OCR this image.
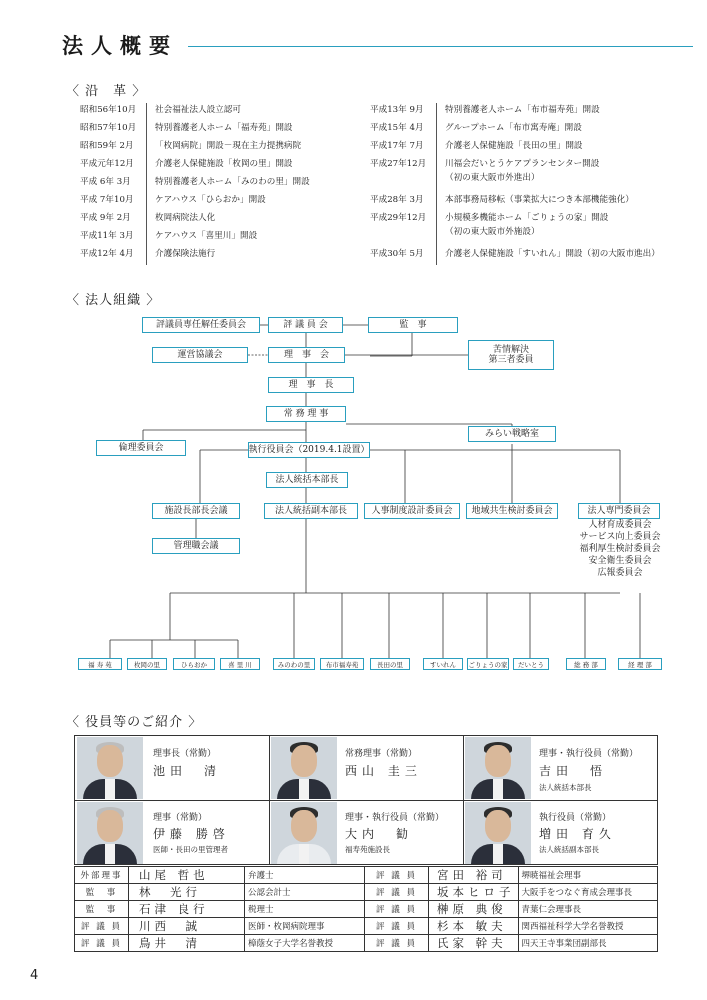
法人概要
〈 沿　革 〉
昭和56年10月	社会福祉法人設立認可
昭和57年10月	特別養護老人ホーム「福寿苑」開設
昭和59年 2月	「枚岡病院」開設－現在主力提携病院
平成元年12月	介護老人保健施設「枚岡の里」開設
平成 6年 3月	特別養護老人ホーム「みのわの里」開設
平成 7年10月	ケアハウス「ひらおか」開設
平成 9年 2月	枚岡病院法人化
平成11年 3月	ケアハウス「喜里川」開設
平成12年 4月	介護保険法施行
平成13年 9月	特別養護老人ホーム「布市福寿苑」開設
平成15年 4月	グループホーム「布市寓寿庵」開設
平成17年 7月	介護老人保健施設「長田の里」開設
平成27年12月	川福会だいとうケアプランセンター開設
（初の東大阪市外進出）
平成28年 3月	本部事務局移転（事業拡大につき本部機能強化）
平成29年12月	小規模多機能ホーム「ごりょうの家」開設
（初の東大阪市外施設）
平成30年 5月	介護老人保健施設「すいれん」開設（初の大阪市進出）
〈 法人組織 〉
評議員専任解任委員会	評 議 員 会	監　事
運営協議会	理　事　会
苦情解決
第三者委員
理　事　長
常 務 理 事
みらい戦略室
倫理委員会	執行役員会（2019.4.1設置）
法人統括本部長
施設長部長会議	法人統括副本部長	人事制度設計委員会	地域共生検討委員会	法人専門委員会
管理職会議
人材育成委員会
サービス向上委員会
福利厚生検討委員会
安全衛生委員会
広報委員会
福 寿 苑	枚岡の里	ひらおか	喜 里 川	みのわの里	布市福寿苑	長田の里	すいれん	ごりょうの家	だいとう	総 務 部	経 理 部
〈 役員等のご紹介 〉
理事長（常勤）
池田　清
常務理事（常勤）
西山 圭三
理事・執行役員（常勤）
吉田　悟
法人統括本部長
理事（常勤）
伊藤 勝啓
医師・長田の里管理者
理事・執行役員（常勤）
大内　勧
福寿苑施設長
執行役員（常勤）
増田 育久
法人統括副本部長
外部理事	山尾 哲也	弁護士	評 議 員	宮田 裕司	堺暁福祉会理事
監　事	林　光行	公認会計士	評 議 員	坂本ヒロ子	大阪手をつなぐ育成会理事長
監　事	石津 良行	税理士	評 議 員	榊原 典俊	青葉仁会理事長
評 議 員	川西　誠	医師・枚岡病院理事	評 議 員	杉本 敏夫	関西福祉科学大学名誉教授
評 議 員	鳥井　清	樟蔭女子大学名誉教授	評 議 員	氏家 幹夫	四天王寺事業団副部長
4
